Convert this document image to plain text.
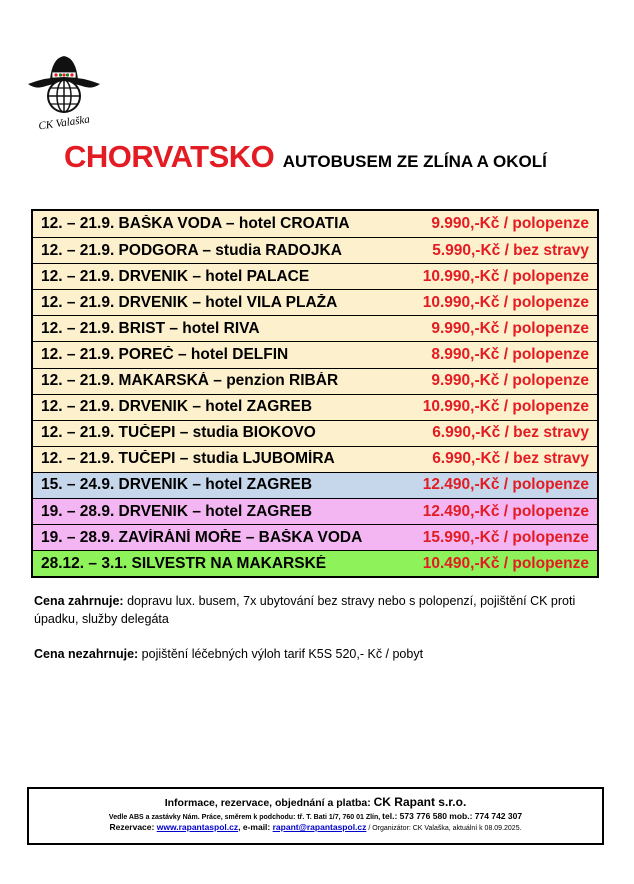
CK Valaška
CHORVATSKO AUTOBUSEM ZE ZLÍNA A OKOLÍ
12. – 21.9. BAŠKA VODA – hotel CROATIA	9.990,-Kč / polopenze
12. – 21.9. PODGORA – studia RADOJKA	5.990,-Kč / bez stravy
12. – 21.9. DRVENIK – hotel PALACE	10.990,-Kč / polopenze
12. – 21.9. DRVENIK – hotel VILA PLAŽA	10.990,-Kč / polopenze
12. – 21.9. BRIST – hotel RIVA	9.990,-Kč / polopenze
12. – 21.9. POREČ – hotel DELFIN	8.990,-Kč / polopenze
12. – 21.9. MAKARSKÁ – penzion RIBÁR	9.990,-Kč / polopenze
12. – 21.9. DRVENIK – hotel ZAGREB	10.990,-Kč / polopenze
12. – 21.9. TUČEPI – studia BIOKOVO	6.990,-Kč / bez stravy
12. – 21.9. TUČEPI – studia LJUBOMÍRA	6.990,-Kč / bez stravy
15. – 24.9. DRVENIK – hotel ZAGREB	12.490,-Kč / polopenze
19. – 28.9. DRVENIK – hotel ZAGREB	12.490,-Kč / polopenze
19. – 28.9. ZAVÍRÁNÍ MOŘE – BAŠKA VODA	15.990,-Kč / polopenze
28.12. – 3.1. SILVESTR NA MAKARSKÉ	10.490,-Kč / polopenze

Cena zahrnuje: dopravu lux. busem, 7x ubytování bez stravy nebo s polopenzí, pojištění CK proti úpadku, služby delegáta

Cena nezahrnuje: pojištění léčebných výloh tarif K5S 520,- Kč / pobyt

Informace, rezervace, objednání a platba: CK Rapant s.r.o.
Vedle ABS a zastávky Nám. Práce, směrem k podchodu: tř. T. Bati 1/7, 760 01 Zlín, tel.: 573 776 580 mob.: 774 742 307
Rezervace: www.rapantaspol.cz, e-mail: rapant@rapantaspol.cz / Organizátor: CK Valaška, aktuální k 08.09.2025.
